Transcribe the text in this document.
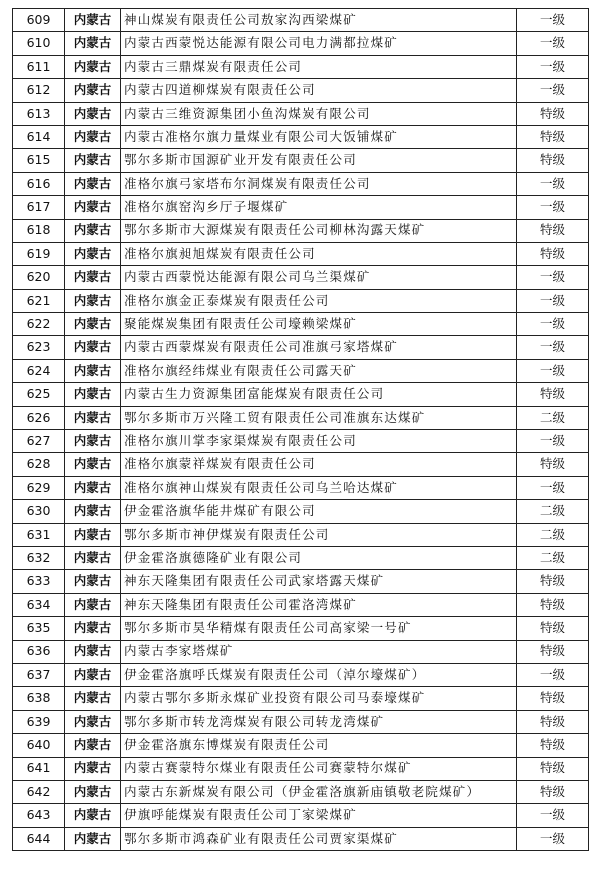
609	内蒙古	神山煤炭有限责任公司敖家沟西梁煤矿	一级
610	内蒙古	内蒙古西蒙悦达能源有限公司电力满都拉煤矿	一级
611	内蒙古	内蒙古三鼎煤炭有限责任公司	一级
612	内蒙古	内蒙古四道柳煤炭有限责任公司	一级
613	内蒙古	内蒙古三维资源集团小鱼沟煤炭有限公司	特级
614	内蒙古	内蒙古准格尔旗力量煤业有限公司大饭铺煤矿	特级
615	内蒙古	鄂尔多斯市国源矿业开发有限责任公司	特级
616	内蒙古	准格尔旗弓家塔布尔洞煤炭有限责任公司	一级
617	内蒙古	准格尔旗窑沟乡厅子堰煤矿	一级
618	内蒙古	鄂尔多斯市大源煤炭有限责任公司柳林沟露天煤矿	特级
619	内蒙古	准格尔旗昶旭煤炭有限责任公司	特级
620	内蒙古	内蒙古西蒙悦达能源有限公司乌兰渠煤矿	一级
621	内蒙古	准格尔旗金正泰煤炭有限责任公司	一级
622	内蒙古	聚能煤炭集团有限责任公司壕赖梁煤矿	一级
623	内蒙古	内蒙古西蒙煤炭有限责任公司准旗弓家塔煤矿	一级
624	内蒙古	准格尔旗经纬煤业有限责任公司露天矿	一级
625	内蒙古	内蒙古生力资源集团富能煤炭有限责任公司	特级
626	内蒙古	鄂尔多斯市万兴隆工贸有限责任公司准旗东达煤矿	二级
627	内蒙古	准格尔旗川掌李家渠煤炭有限责任公司	一级
628	内蒙古	准格尔旗蒙祥煤炭有限责任公司	特级
629	内蒙古	准格尔旗神山煤炭有限责任公司乌兰哈达煤矿	一级
630	内蒙古	伊金霍洛旗华能井煤矿有限公司	二级
631	内蒙古	鄂尔多斯市神伊煤炭有限责任公司	二级
632	内蒙古	伊金霍洛旗德隆矿业有限公司	二级
633	内蒙古	神东天隆集团有限责任公司武家塔露天煤矿	特级
634	内蒙古	神东天隆集团有限责任公司霍洛湾煤矿	特级
635	内蒙古	鄂尔多斯市昊华精煤有限责任公司高家梁一号矿	特级
636	内蒙古	内蒙古李家塔煤矿	特级
637	内蒙古	伊金霍洛旗呼氏煤炭有限责任公司（淖尔壕煤矿）	一级
638	内蒙古	内蒙古鄂尔多斯永煤矿业投资有限公司马泰壕煤矿	特级
639	内蒙古	鄂尔多斯市转龙湾煤炭有限公司转龙湾煤矿	特级
640	内蒙古	伊金霍洛旗东博煤炭有限责任公司	特级
641	内蒙古	内蒙古赛蒙特尔煤业有限责任公司赛蒙特尔煤矿	特级
642	内蒙古	内蒙古东新煤炭有限公司（伊金霍洛旗新庙镇敬老院煤矿）	特级
643	内蒙古	伊旗呼能煤炭有限责任公司丁家梁煤矿	一级
644	内蒙古	鄂尔多斯市鸿森矿业有限责任公司贾家渠煤矿	一级
